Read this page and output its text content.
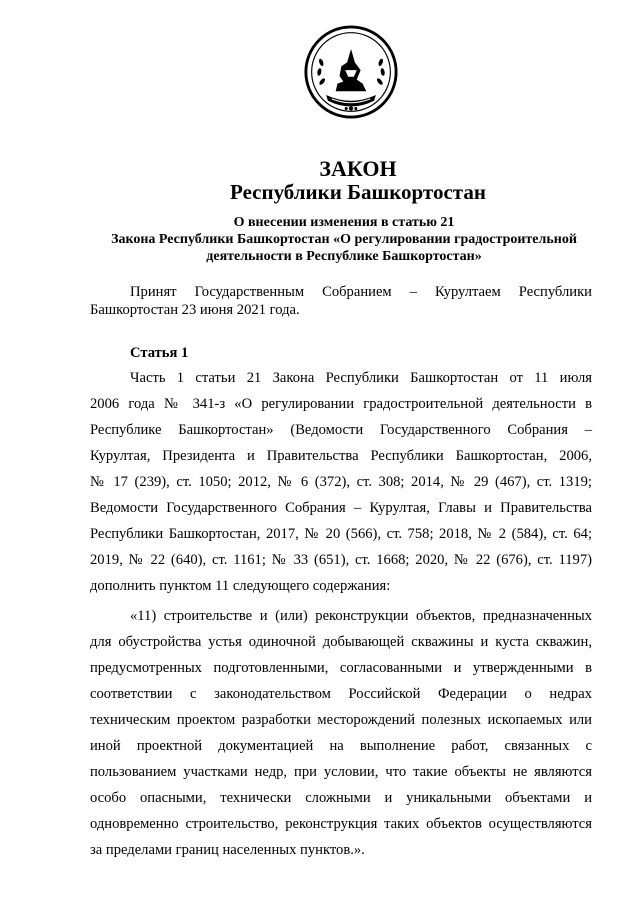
ЗАКОН
Республики Башкортостан
О внесении изменения в статью 21
Закона Республики Башкортостан «О регулировании градостроительной
деятельности в Республике Башкортостан»
Принят Государственным Собранием – Курултаем Республики
Башкортостан 23 июня 2021 года.
Статья 1
Часть 1 статьи 21 Закона Республики Башкортостан от 11 июля
2006 года № 341-з «О регулировании градостроительной деятельности в
Республике Башкортостан» (Ведомости Государственного Собрания –
Курултая, Президента и Правительства Республики Башкортостан, 2006,
№ 17 (239), ст. 1050; 2012, № 6 (372), ст. 308; 2014, № 29 (467), ст. 1319;
Ведомости Государственного Собрания – Курултая, Главы и Правительства
Республики Башкортостан, 2017, № 20 (566), ст. 758; 2018, № 2 (584), ст. 64;
2019, № 22 (640), ст. 1161; № 33 (651), ст. 1668; 2020, № 22 (676), ст. 1197)
дополнить пунктом 11 следующего содержания:
«11) строительстве и (или) реконструкции объектов, предназначенных
для обустройства устья одиночной добывающей скважины и куста скважин,
предусмотренных подготовленными, согласованными и утвержденными в
соответствии с законодательством Российской Федерации о недрах
техническим проектом разработки месторождений полезных ископаемых или
иной проектной документацией на выполнение работ, связанных с
пользованием участками недр, при условии, что такие объекты не являются
особо опасными, технически сложными и уникальными объектами и
одновременно строительство, реконструкция таких объектов осуществляются
за пределами границ населенных пунктов.».
